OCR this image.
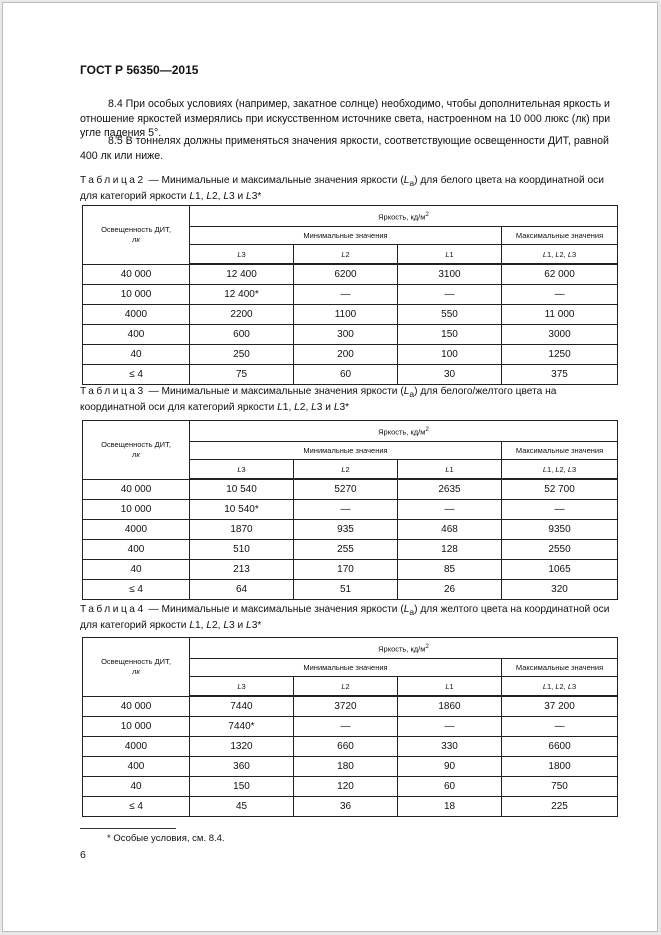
ГОСТ Р 56350—2015
8.4 При особых условиях (например, закатное солнце) необходимо, чтобы дополнительная яркость и отношение яркостей измерялись при искусственном источнике света, настроенном на 10 000 люкс (лк) при угле падения 5°.
8.5 В тоннелях должны применяться значения яркости, соответствующие освещенности ДИТ, равной 400 лк или ниже.
Таблица2 — Минимальные и максимальные значения яркости $(L_a)$ для белого цвета на координатной оси для категорий яркости L1, L2, L3 и L3*
Освещенность ДИТ,
лк	Яркость, $кд/м^2$
	Минимальные значения			Максимальные значения
	L3	L2	L1	L1, L2, L3
40 000	12 400	6200	3100	62 000
10 000	12 400*	—	—	—
4000	2200	1100	550	11 000
400	600	300	150	3000
40	250	200	100	1250
≤ 4	75	60	30	375
Таблица3 — Минимальные и максимальные значения яркости $(L_a)$ для белого/желтого цвета на координатной оси для категорий яркости L1, L2, L3 и L3*
Освещенность ДИТ,
лк	Яркость, $кд/м^2$
	Минимальные значения			Максимальные значения
	L3	L2	L1	L1, L2, L3
40 000	10 540	5270	2635	52 700
10 000	10 540*	—	—	—
4000	1870	935	468	9350
400	510	255	128	2550
40	213	170	85	1065
≤ 4	64	51	26	320
Таблица4 — Минимальные и максимальные значения яркости $(L_a)$ для желтого цвета на координатной оси для категорий яркости L1, L2, L3 и L3*
Освещенность ДИТ,
лк	Яркость, $кд/м^2$
	Минимальные значения			Максимальные значения
	L3	L2	L1	L1, L2, L3
40 000	7440	3720	1860	37 200
10 000	7440*	—	—	—
4000	1320	660	330	6600
400	360	180	90	1800
40	150	120	60	750
≤ 4	45	36	18	225
* Особые условия, см. 8.4.
6
